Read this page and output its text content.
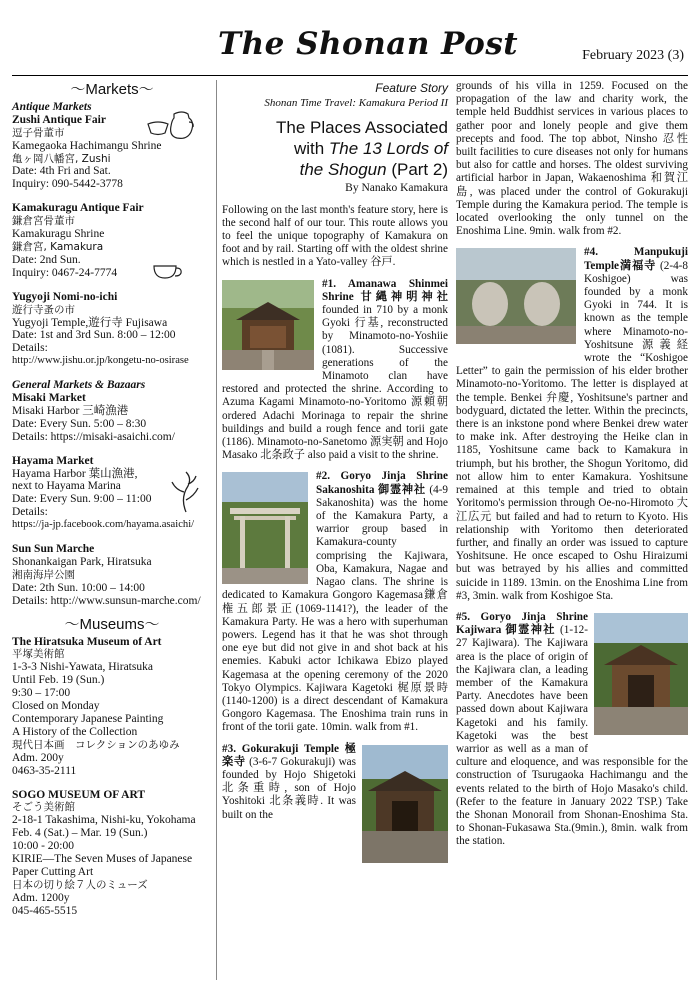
The Shonan Post	February 2023 (3)
～Markets～
Antique Markets
Zushi Antique Fair
逗子骨董市
Kamegaoka Hachimangu Shrine
亀ヶ岡八幡宮, Zushi
Date: 4th Fri and Sat.
Inquiry: 090-5442-3778
Kamakuragu Antique Fair
鎌倉宮骨董市
Kamakuragu Shrine
鎌倉宮, Kamakura
Date: 2nd Sun.
Inquiry: 0467-24-7774
Yugyoji Nomi-no-ichi
遊行寺蚤の市
Yugyoji Temple,遊行寺 Fujisawa
Date: 1st and 3rd Sun. 8:00 – 12:00
Details:
http://www.jishu.or.jp/kongetu-no-osirase
General Markets & Bazaars
Misaki Market
Misaki Harbor 三崎漁港
Date: Every Sun. 5:00 – 8:30
Details: https://misaki-asaichi.com/
Hayama Market
Hayama Harbor 葉山漁港,
next to Hayama Marina
Date: Every Sun. 9:00 – 11:00
Details:
https://ja-jp.facebook.com/hayama.asaichi/
Sun Sun Marche
Shonankaigan Park, Hiratsuka
湘南海岸公園
Date: 2th Sun. 10:00 – 14:00
Details: http://www.sunsun-marche.com/
～Museums～
The Hiratsuka Museum of Art
平塚美術館
1-3-3 Nishi-Yawata, Hiratsuka
Until Feb. 19 (Sun.)
9:30 – 17:00
Closed on Monday
Contemporary Japanese Painting
A History of the Collection
現代日本画　コレクションのあゆみ
Adm. 200y
0463-35-2111
SOGO MUSEUM OF ART
そごう美術館
2-18-1 Takashima, Nishi-ku, Yokohama
Feb. 4 (Sat.) – Mar. 19 (Sun.)
10:00 - 20:00
KIRIE—The Seven Muses of Japanese
Paper Cutting Art
日本の切り絵７人のミューズ
Adm. 1200y
045-465-5515
Feature Story
Shonan Time Travel: Kamakura Period II
The Places Associated
with The 13 Lords of
the Shogun (Part 2)
By Nanako Kamakura

Following on the last month's feature story, here is the second half of our tour. This route allows you to feel the unique topography of Kamakura on foot and by rail. Starting off with the oldest shrine which is nestled in a Yato-valley 谷戸.

#1. Amanawa Shinmei Shrine 甘縄神明神社 founded in 710 by a monk Gyoki 行基, reconstructed by Minamoto-no-Yoshiie (1081). Successive generations of the Minamoto clan have restored and protected the shrine. According to Azuma Kagami Minamoto-no-Yoritomo 源頼朝 ordered Adachi Morinaga to repair the shrine buildings and build a rough fence and torii gate (1186). Minamoto-no-Sanetomo 源実朝 and Hojo Masako 北条政子 also paid a visit to the shrine.
#2. Goryo Jinja Shrine Sakanoshita 御霊神社 (4-9 Sakanoshita) was the home of the Kamakura Party, a warrior group based in Kamakura-county comprising the Kajiwara, Oba, Kamakura, Nagae and Nagao clans. The shrine is dedicated to Kamakura Gongoro Kagemasa鎌倉権五郎景正(1069-1141?), the leader of the Kamakura Party. He was a hero with superhuman powers. Legend has it that he was shot through one eye but did not give in and shot back at his enemies. Kabuki actor Ichikawa Ebizo played Kagemasa at the opening ceremony of the 2020 Tokyo Olympics. Kajiwara Kagetoki 梶原景時(1140-1200) is a direct descendant of Kamakura Gongoro Kagemasa. The Enoshima train runs in front of the torii gate. 10min. walk from #1.
#3. Gokurakuji Temple 極楽寺 (3-6-7 Gokurakuji) was founded by Hojo Shigetoki 北条重時, son of Hojo Yoshitoki 北条義時. It was built on the

grounds of his villa in 1259. Focused on the propagation of the law and charity work, the temple held Buddhist services in various places to gather poor and lonely people and give them precepts and food. The top abbot, Ninsho 忍性 built facilities to cure diseases not only for humans but also for cattle and horses. The oldest surviving artificial harbor in Japan, Wakaenoshima 和賀江島, was placed under the control of Gokurakuji Temple during the Kamakura period. The temple is located overlooking the only tunnel on the Enoshima Line. 9min. walk from #2.

#4. Manpukuji Temple満福寺 (2-4-8 Koshigoe) was founded by a monk Gyoki in 744. It is known as the temple where Minamoto-no-Yoshitsune 源義経 wrote the “Koshigoe Letter” to gain the permission of his elder brother Minamoto-no-Yoritomo. The letter is displayed at the temple. Benkei 弁慶, Yoshitsune's partner and bodyguard, dictated the letter. Within the precincts, there is an inkstone pond where Benkei drew water to make ink. After destroying the Heike clan in 1185, Yoshitsune came back to Kamakura in triumph, but his brother, the Shogun Yoritomo, did not allow him to enter Kamakura. Yoshitsune remained at this temple and tried to obtain Yoritomo's permission through Oe-no-Hiromoto 大江広元 but failed and had to return to Kyoto. His relationship with Yoritomo then deteriorated further, and finally an order was issued to capture Yoshitsune. He once escaped to Oshu Hiraizumi but was betrayed by his allies and committed suicide in 1189. 13min. on the Enoshima Line from #3, 3min. walk from Koshigoe Sta.
#5. Goryo Jinja Shrine Kajiwara 御霊神社 (1-12-27 Kajiwara). The Kajiwara area is the place of origin of the Kajiwara clan, a leading member of the Kamakura Party. Anecdotes have been passed down about Kajiwara Kagetoki and his family. Kagetoki was the best warrior as well as a man of culture and eloquence, and was responsible for the construction of Tsurugaoka Hachimangu and the events related to the birth of Hojo Masako's child. (Refer to the feature in January 2022 TSP.) Take the Shonan Monorail from Shonan-Enoshima Sta. to Shonan-Fukasawa Sta.(9min.), 8min. walk from the station.
